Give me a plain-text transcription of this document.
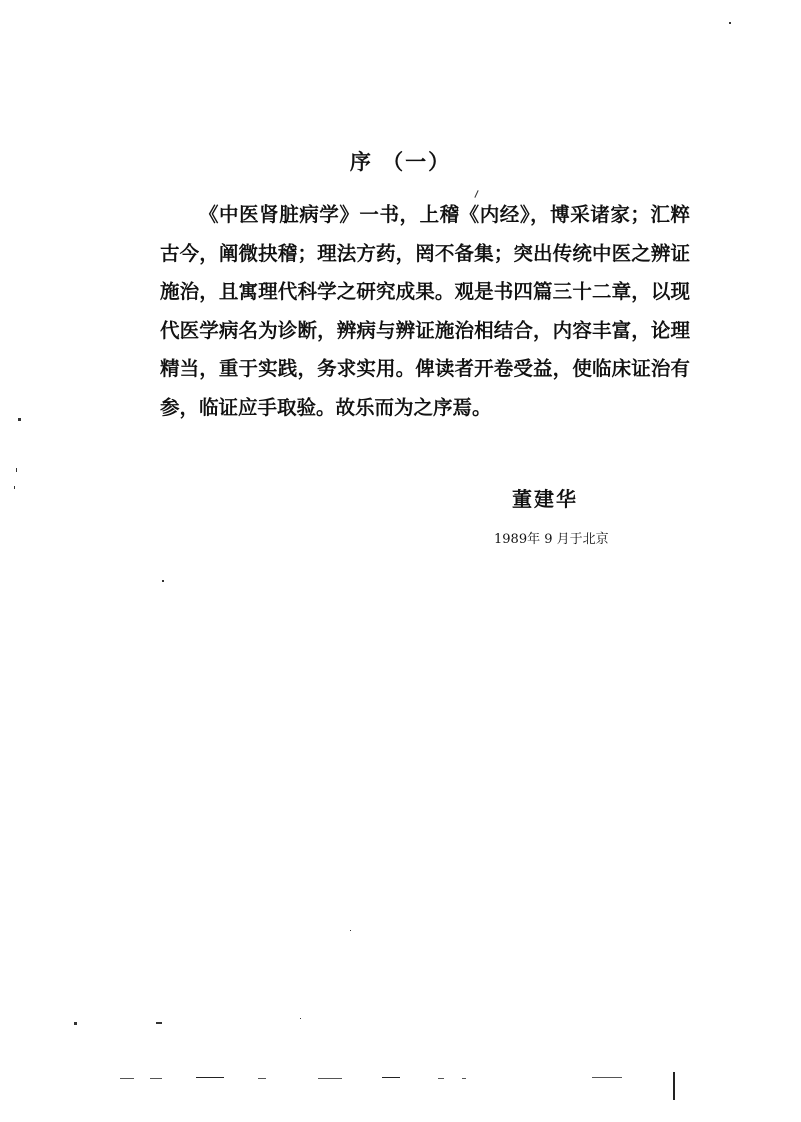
序 （一）

《中医肾脏病学》一书，上稽《内经》，博采诸家；汇粹古今，阐微抉稽；理法方药，罔不备集；突出传统中医之辨证施治，且寓理代科学之研究成果。观是书四篇三十二章，以现代医学病名为诊断，辨病与辨证施治相结合，内容丰富，论理精当，重于实践，务求实用。俾读者开卷受益，使临床证治有参，临证应手取验。故乐而为之序焉。

董建华

1989年 9 月于北京
